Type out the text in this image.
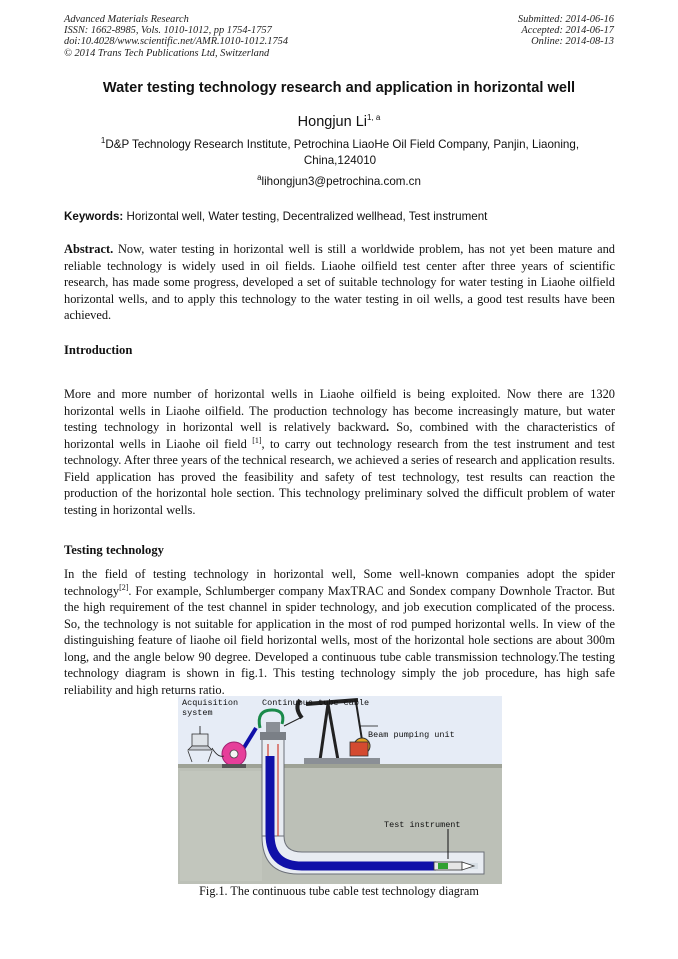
Advanced Materials Research
ISSN: 1662-8985, Vols. 1010-1012, pp 1754-1757
doi:10.4028/www.scientific.net/AMR.1010-1012.1754
© 2014 Trans Tech Publications Ltd, Switzerland
Submitted: 2014-06-16
Accepted: 2014-06-17
Online: 2014-08-13
Water testing technology research and application in horizontal well
Hongjun Li$^{1, a}$
$^1$D&P Technology Research Institute, Petrochina LiaoHe Oil Field Company, Panjin, Liaoning, China,124010
$^a$lihongjun3@petrochina.com.cn
Keywords: Horizontal well, Water testing, Decentralized wellhead, Test instrument
Abstract. Now, water testing in horizontal well is still a worldwide problem, has not yet been mature and reliable technology is widely used in oil fields. Liaohe oilfield test center after three years of scientific research, has made some progress, developed a set of suitable technology for water testing in Liaohe oilfield horizontal wells, and to apply this technology to the water testing in oil wells, a good test results have been achieved.
Introduction
More and more number of horizontal wells in Liaohe oilfield is being exploited. Now there are 1320 horizontal wells in Liaohe oilfield. The production technology has become increasingly mature, but water testing technology in horizontal well is relatively backward. So, combined with the characteristics of horizontal wells in Liaohe oil field [1], to carry out technology research from the test instrument and test technology. After three years of the technical research, we achieved a series of research and application results. Field application has proved the feasibility and safety of test technology, test results can reaction the production of the horizontal hole section. This technology preliminary solved the difficult problem of water testing in horizontal wells.
Testing technology
In the field of testing technology in horizontal well, Some well-known companies adopt the spider technology[2]. For example, Schlumberger company MaxTRAC and Sondex company Downhole Tractor. But the high requirement of the test channel in spider technology, and job execution complicated of the process. So, the technology is not suitable for application in the most of rod pumped horizontal wells. In view of the distinguishing feature of liaohe oil field horizontal wells, most of the horizontal hole sections are about 300m long, and the angle below 90 degree. Developed a continuous tube cable transmission technology.The testing technology diagram is shown in fig.1. This testing technology simply the job procedure, has high safe reliability and high returns ratio.
Acquisition
system
Continuous tube cable
Beam pumping unit
Test instrument
Fig.1. The continuous tube cable test technology diagram
